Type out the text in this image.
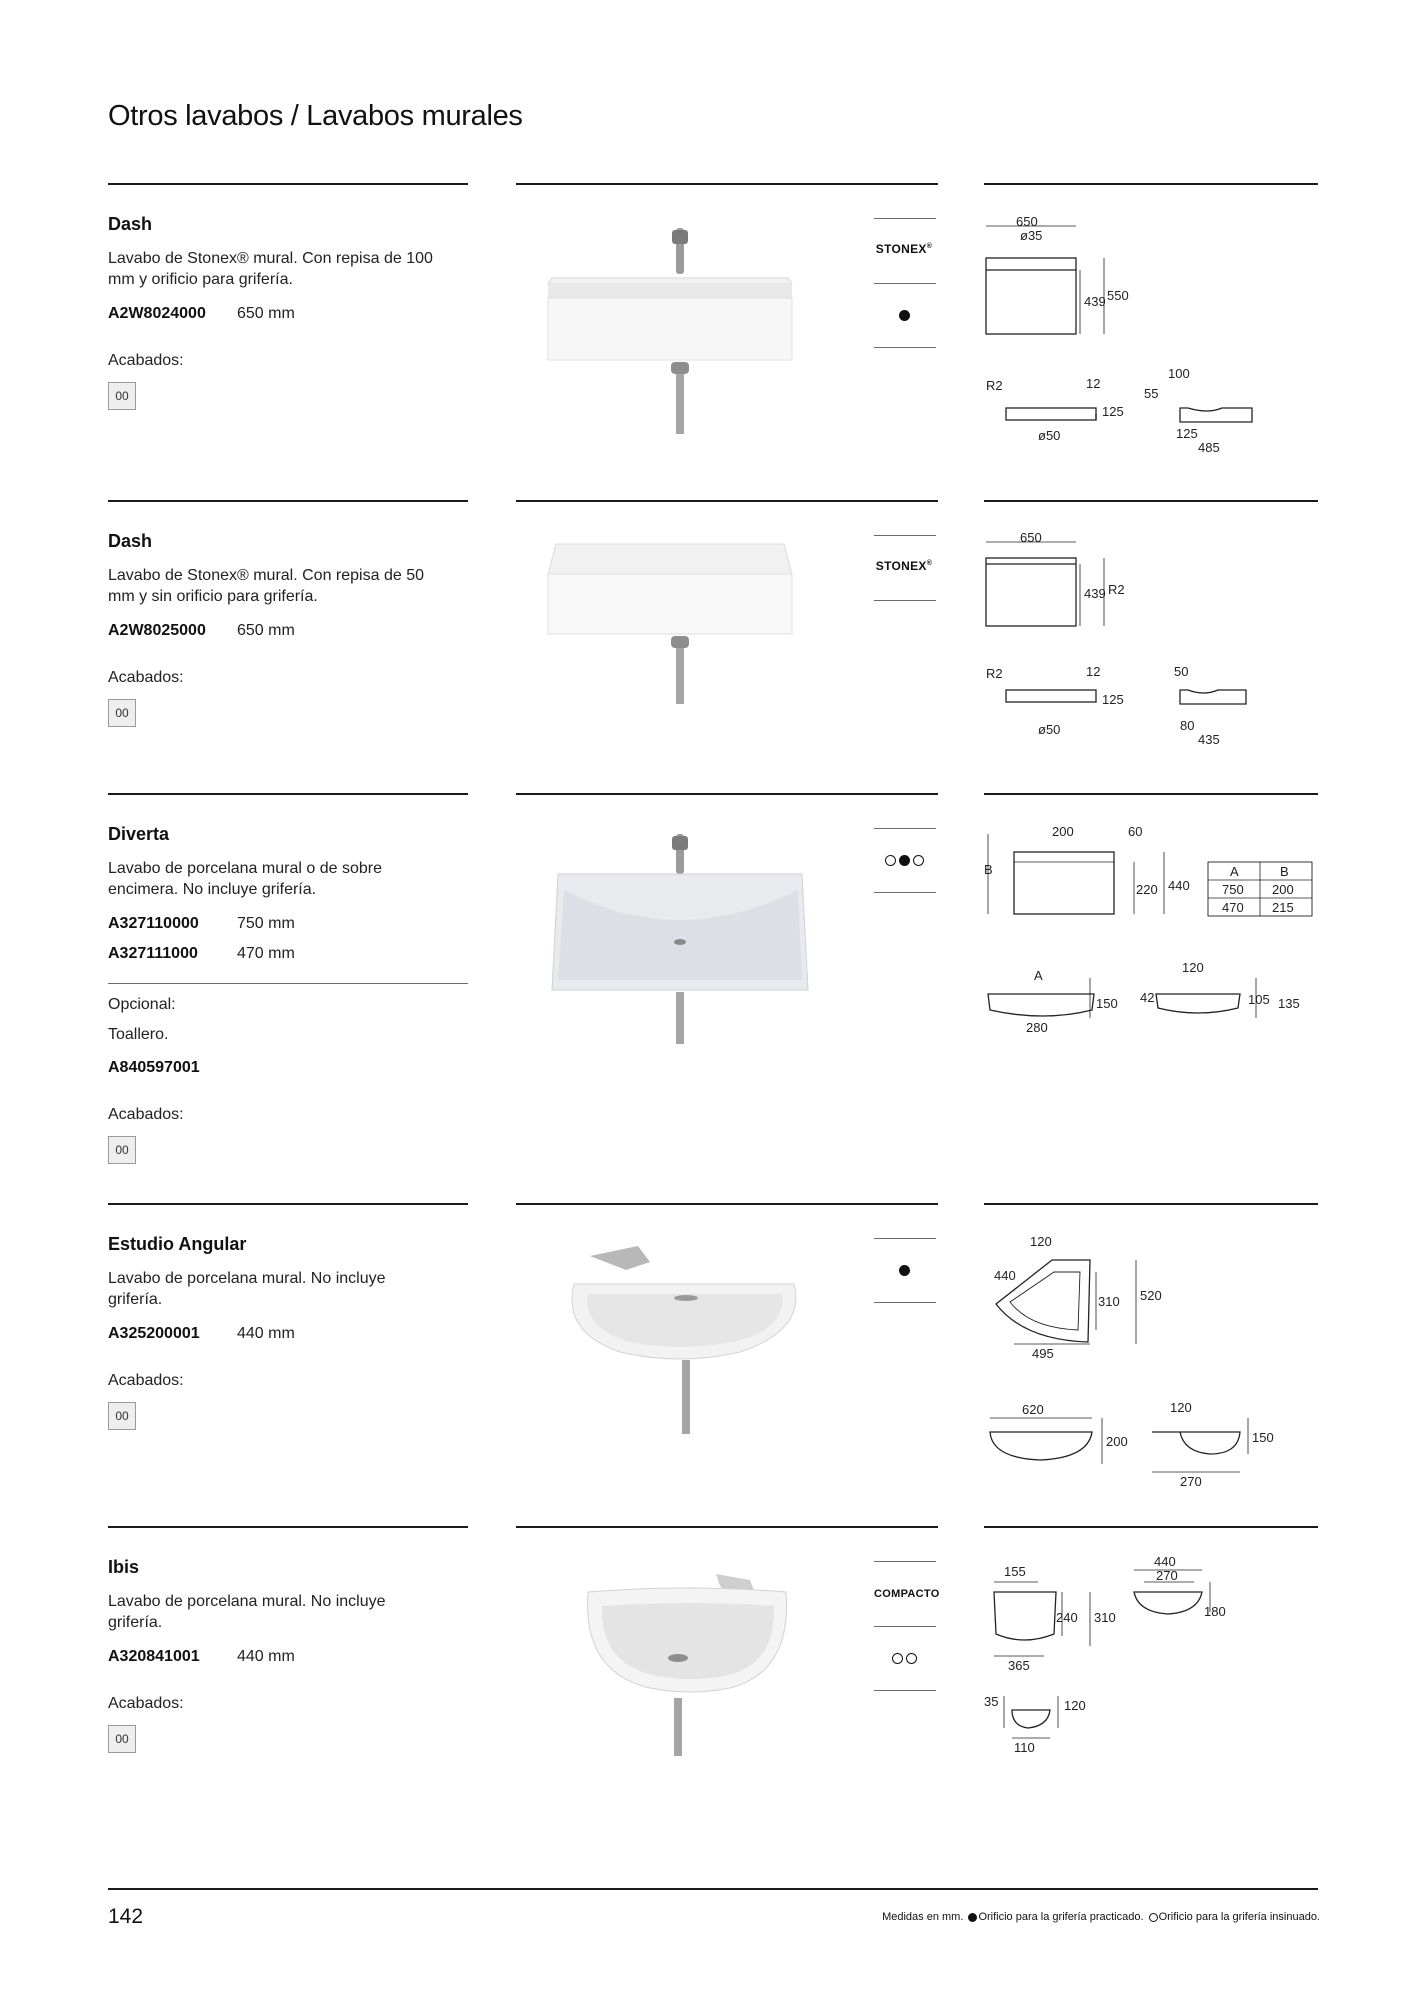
Otros lavabos / Lavabos murales
Dash
Lavabo de Stonex® mural. Con repisa de 100 mm y orificio para grifería.
A2W8024000 650 mm
Acabados:
00
STONEX®
650
ø35
439 550
R2	12
125
ø50
100
55
125
485
Dash
Lavabo de Stonex® mural. Con repisa de 50 mm y sin orificio para grifería.
A2W8025000 650 mm
Acabados:
00
STONEX®
650
439 R2
R2	12
125
ø50
50
80
435
Diverta
Lavabo de porcelana mural o de sobre encimera. No incluye grifería.
A327110000 750 mm
A327111000 470 mm
Opcional:
Toallero.
A840597001
Acabados:
00
200	60
B
220 440
A	B
750 200
470 215
A
150
280
120
42	105 135
Estudio Angular
Lavabo de porcelana mural. No incluye grifería.
A325200001 440 mm
Acabados:
00
120
440
310 520
495
620
200
120
150
270
Ibis
Lavabo de porcelana mural. No incluye grifería.
A320841001 440 mm
Acabados:
00
COMPACTO
155
240 310
365
440
270
180
35	120
110
142	Medidas en mm. Orificio para la grifería practicado. Orificio para la grifería insinuado.
